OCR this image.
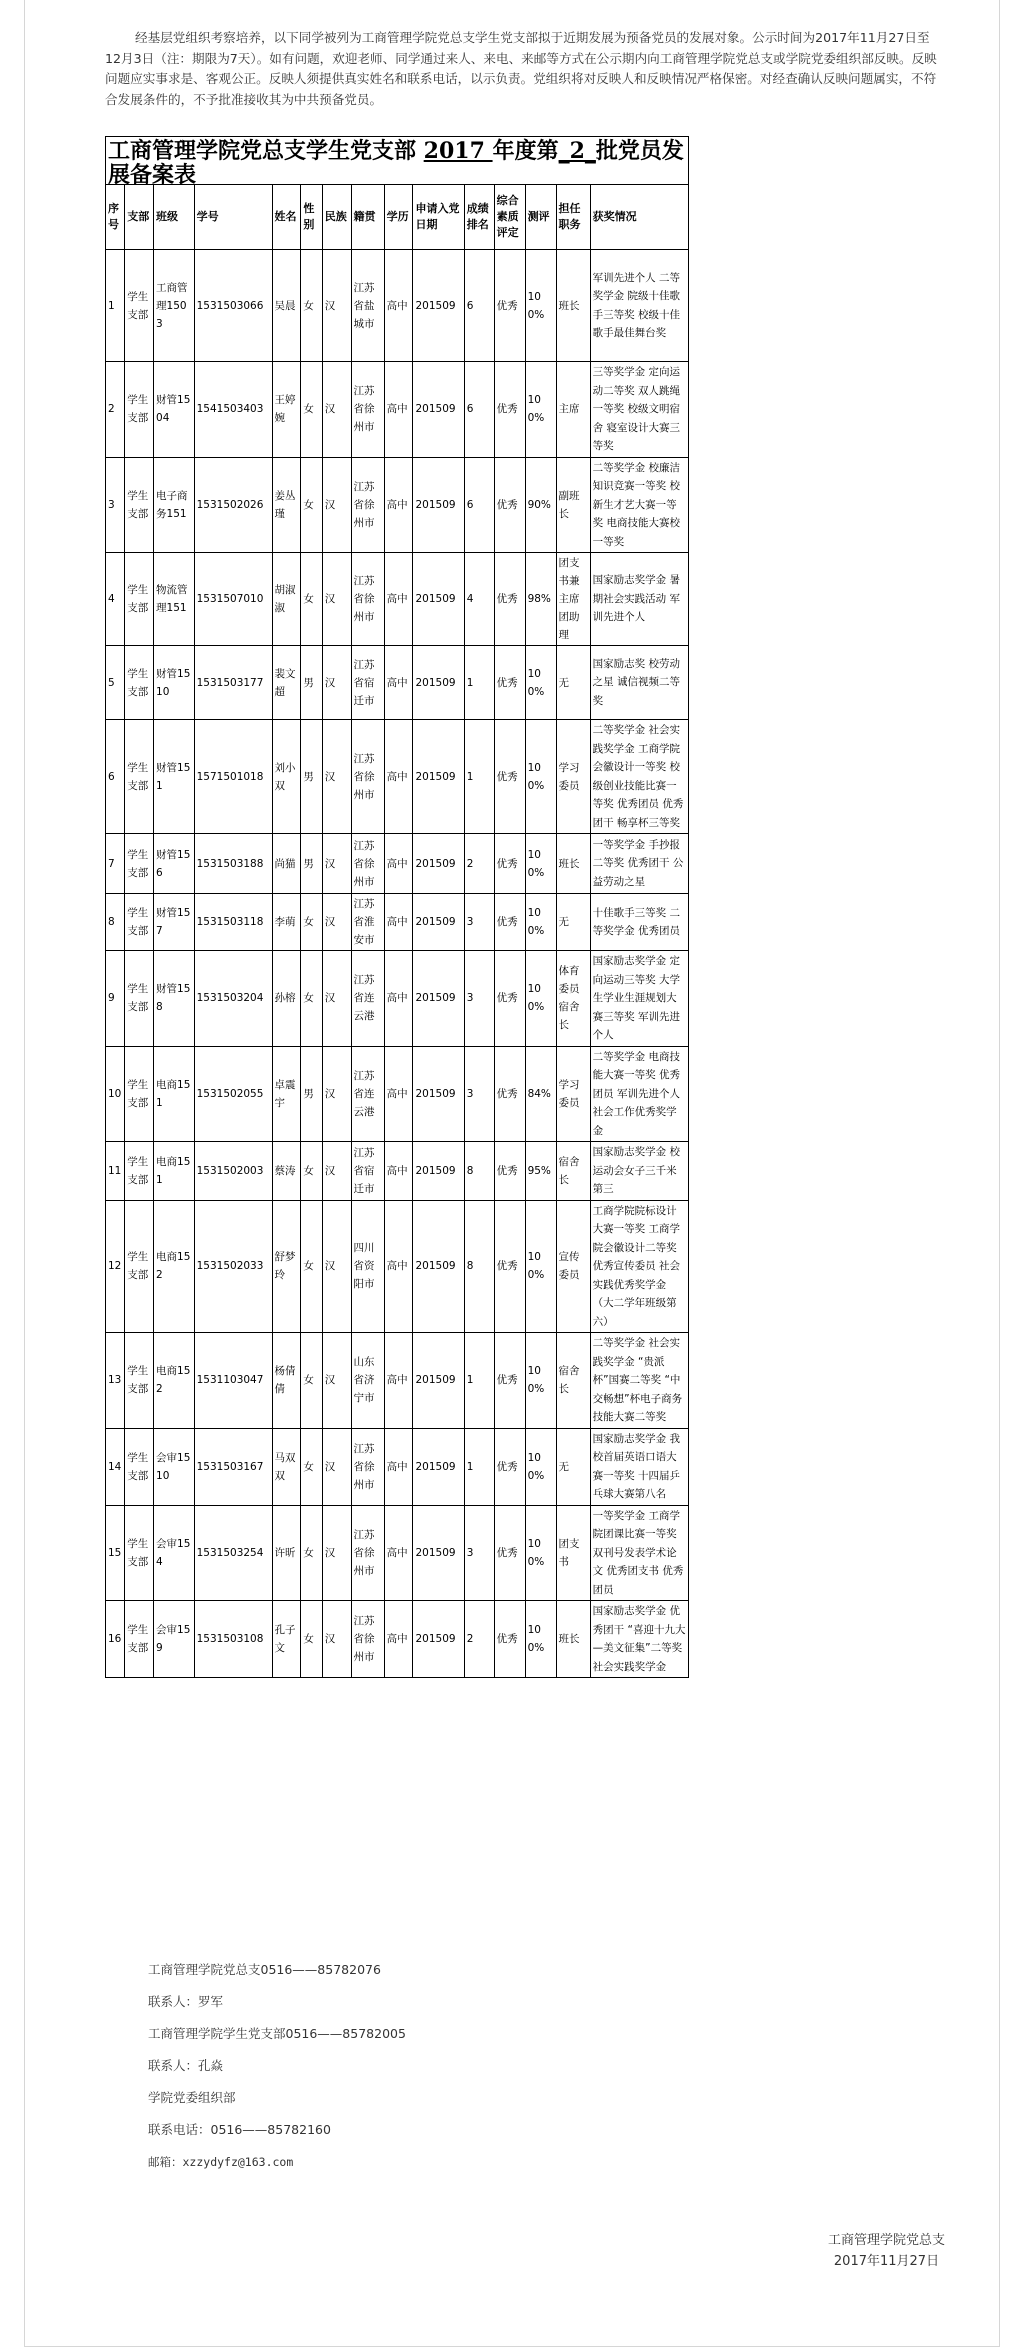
经基层党组织考察培养，以下同学被列为工商管理学院党总支学生党支部拟于近期发展为预备党员的发展对象。公示时间为2017年11月27日至12月3日（注：期限为7天）。如有问题，欢迎老师、同学通过来人、来电、来邮等方式在公示期内向工商管理学院党总支或学院党委组织部反映。反映问题应实事求是、客观公正。反映人须提供真实姓名和联系电话，以示负责。党组织将对反映人和反映情况严格保密。对经查确认反映问题属实，不符合发展条件的，不予批准接收其为中共预备党员。

工商管理学院党总支学生党支部 2017 年度第_2_批党员发展备案表
序号	支部	班级	学号	姓名	性别	民族	籍贯	学历	申请入党日期	成绩排名	综合素质评定	测评	担任职务	获奖情况
1	学生支部	工商管理1503	1531503066	吴晨	女	汉	江苏省盐城市	高中	201509	6	优秀	100%	班长	军训先进个人 二等奖学金 院级十佳歌手三等奖 校级十佳歌手最佳舞台奖
2	学生支部	财管1504	1541503403	王婷婉	女	汉	江苏省徐州市	高中	201509	6	优秀	100%	主席	三等奖学金 定向运动二等奖 双人跳绳一等奖 校级文明宿舍 寝室设计大赛三等奖
3	学生支部	电子商务151	1531502026	姜丛瑾	女	汉	江苏省徐州市	高中	201509	6	优秀	90%	副班长	二等奖学金 校廉洁知识竞赛一等奖 校新生才艺大赛一等奖 电商技能大赛校一等奖
4	学生支部	物流管理151	1531507010	胡淑淑	女	汉	江苏省徐州市	高中	201509	4	优秀	98%	团支书兼主席团助理	国家励志奖学金 暑期社会实践活动 军训先进个人
5	学生支部	财管1510	1531503177	裴文超	男	汉	江苏省宿迁市	高中	201509	1	优秀	100%	无	国家励志奖 校劳动之星 诚信视频二等奖
6	学生支部	财管151	1571501018	刘小双	男	汉	江苏省徐州市	高中	201509	1	优秀	100%	学习委员	二等奖学金 社会实践奖学金 工商学院会徽设计一等奖 校级创业技能比赛一等奖 优秀团员 优秀团干 畅享杯三等奖
7	学生支部	财管156	1531503188	尚猫	男	汉	江苏省徐州市	高中	201509	2	优秀	100%	班长	一等奖学金 手抄报二等奖 优秀团干 公益劳动之星
8	学生支部	财管157	1531503118	李萌	女	汉	江苏省淮安市	高中	201509	3	优秀	100%	无	十佳歌手三等奖 二等奖学金 优秀团员
9	学生支部	财管158	1531503204	孙榕	女	汉	江苏省连云港	高中	201509	3	优秀	100%	体育委员宿舍长	国家励志奖学金 定向运动三等奖 大学生学业生涯规划大赛三等奖 军训先进个人
10	学生支部	电商151	1531502055	卓震宇	男	汉	江苏省连云港	高中	201509	3	优秀	84%	学习委员	二等奖学金 电商技能大赛一等奖 优秀团员 军训先进个人 社会工作优秀奖学金
11	学生支部	电商151	1531502003	蔡涛	女	汉	江苏省宿迁市	高中	201509	8	优秀	95%	宿舍长	国家励志奖学金 校运动会女子三千米第三
12	学生支部	电商152	1531502033	舒梦玲	女	汉	四川省资阳市	高中	201509	8	优秀	100%	宣传委员	工商学院院标设计大赛一等奖 工商学院会徽设计二等奖 优秀宣传委员 社会实践优秀奖学金 （大二学年班级第六）
13	学生支部	电商152	1531103047	杨倩倩	女	汉	山东省济宁市	高中	201509	1	优秀	100%	宿舍长	二等奖学金 社会实践奖学金 “贵派杯”国赛二等奖 “中交畅想”杯电子商务技能大赛二等奖
14	学生支部	会审1510	1531503167	马双双	女	汉	江苏省徐州市	高中	201509	1	优秀	100%	无	国家励志奖学金 我校首届英语口语大赛一等奖 十四届乒乓球大赛第八名
15	学生支部	会审154	1531503254	许昕	女	汉	江苏省徐州市	高中	201509	3	优秀	100%	团支书	一等奖学金 工商学院团课比赛一等奖 双刊号发表学术论文 优秀团支书 优秀团员
16	学生支部	会审159	1531503108	孔子文	女	汉	江苏省徐州市	高中	201509	2	优秀	100%	班长	国家励志奖学金 优秀团干 “喜迎十九大—美文征集”二等奖 社会实践奖学金
工商管理学院党总支0516——85782076
联系人：罗军
工商管理学院学生党支部0516——85782005
联系人：孔焱
学院党委组织部
联系电话：0516——85782160
邮箱：xzzydyfz@163.com
工商管理学院党总支
2017年11月27日
